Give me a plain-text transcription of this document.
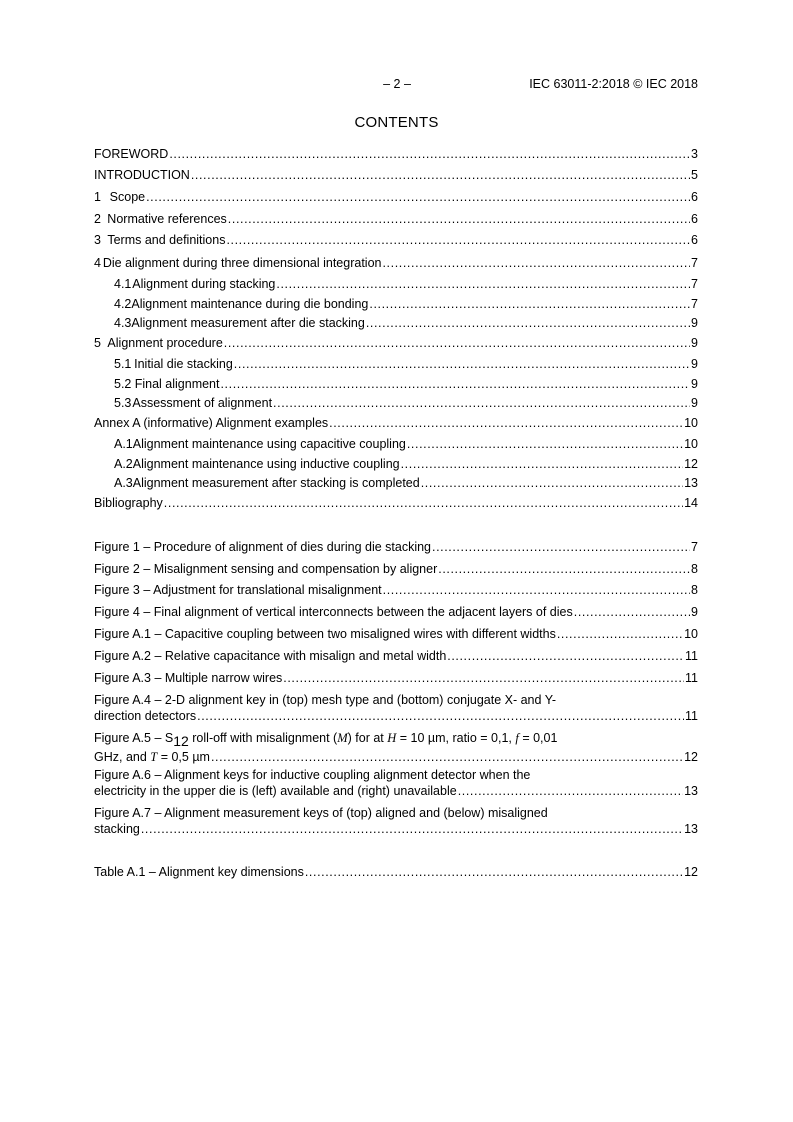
– 2 –	IEC 63011-2:2018 © IEC 2018
CONTENTS
FOREWORD .....	3
INTRODUCTION .....	5
1 Scope .....	6
2 Normative references .....	6
3 Terms and definitions .....	6
4 Die alignment during three dimensional integration .....	7
4.1 Alignment during stacking .....	7
4.2 Alignment maintenance during die bonding .....	7
4.3 Alignment measurement after die stacking .....	9
5 Alignment procedure .....	9
5.1 Initial die stacking .....	9
5.2 Final alignment .....	9
5.3 Assessment of alignment .....	9
Annex A (informative) Alignment examples .....	10
A.1 Alignment maintenance using capacitive coupling .....	10
A.2 Alignment maintenance using inductive coupling .....	12
A.3 Alignment measurement after stacking is completed .....	13
Bibliography .....	14
Figure 1 – Procedure of alignment of dies during die stacking .....	7
Figure 2 – Misalignment sensing and compensation by aligner .....	8
Figure 3 – Adjustment for translational misalignment .....	8
Figure 4 – Final alignment of vertical interconnects between the adjacent layers of dies .....	9
Figure A.1 – Capacitive coupling between two misaligned wires with different widths .....	10
Figure A.2 – Relative capacitance with misalign and metal width .....	11
Figure A.3 – Multiple narrow wires .....	11
Figure A.4 – 2-D alignment key in (top) mesh type and (bottom) conjugate X- and Y-
direction detectors .....	11
Figure $A.5 - S_{12}$ roll-off with misalignment (M) for at H = 10 µm, ratio = 0,1, f = 0,01
GHz, and T = 0,5 µm .....	12
Figure A.6 – Alignment keys for inductive coupling alignment detector when the
electricity in the upper die is (left) available and (right) unavailable .....	13
Figure A.7 – Alignment measurement keys of (top) aligned and (below) misaligned
stacking .....	13
Table A.1 – Alignment key dimensions .....	12
